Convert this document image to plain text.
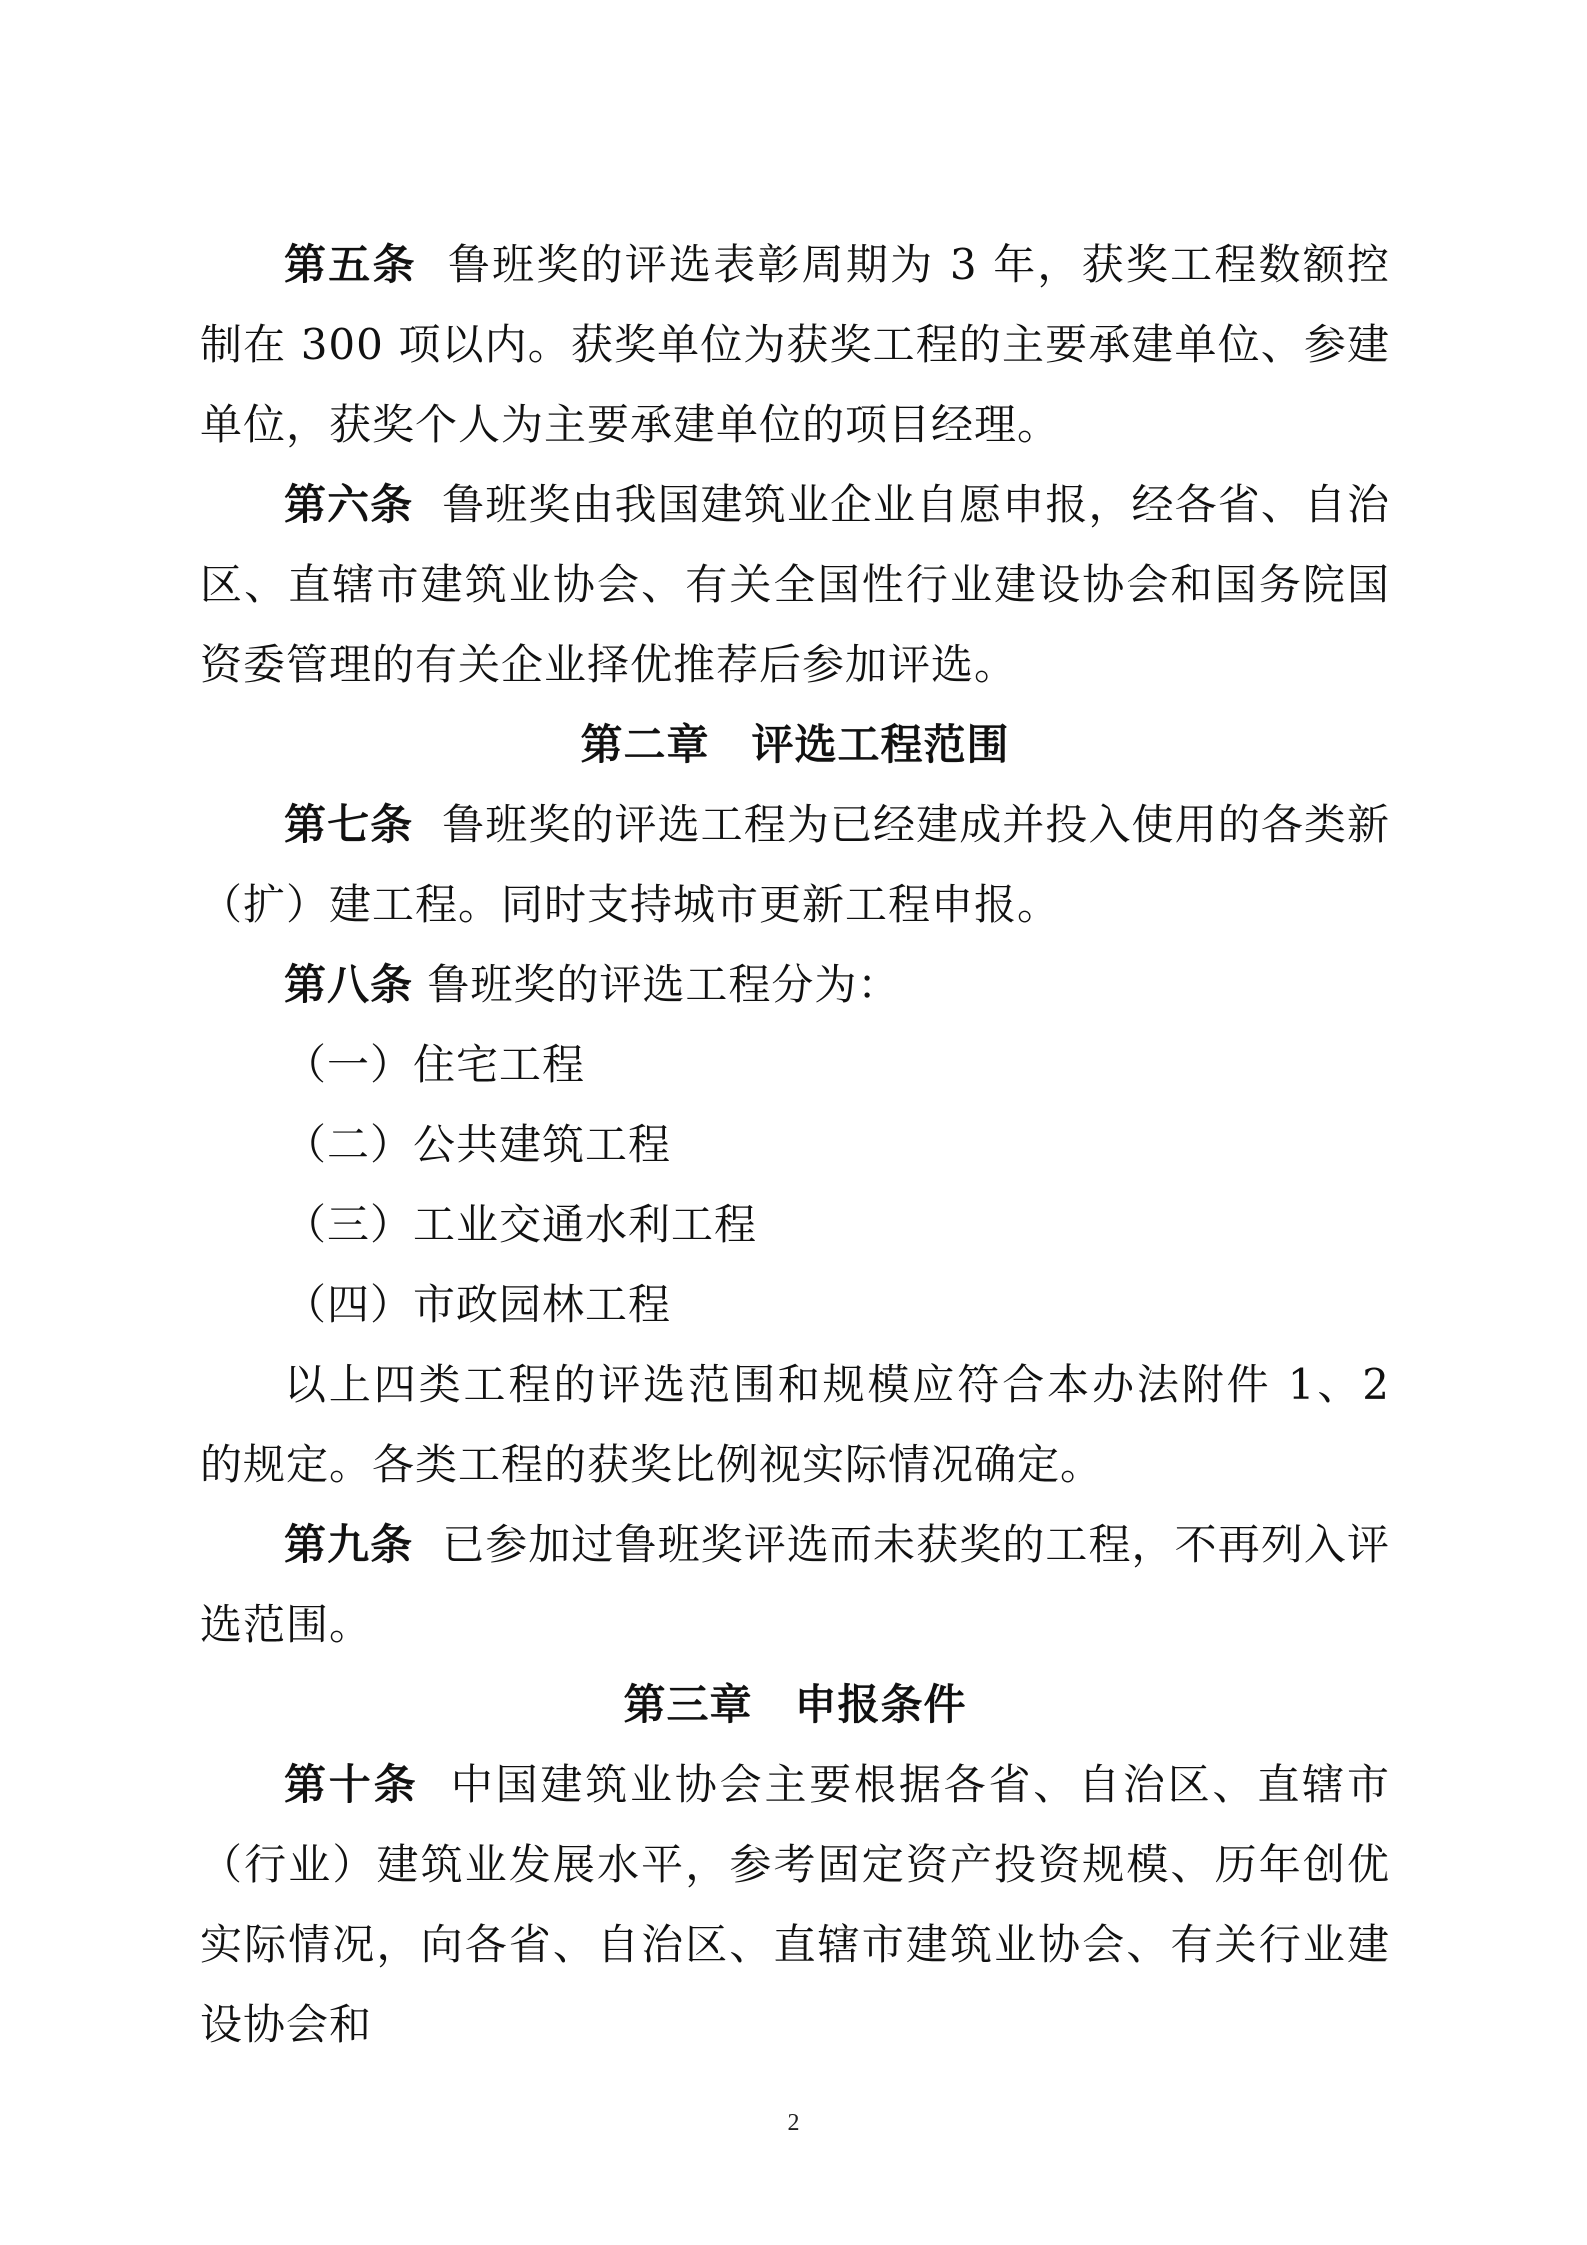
第五条 鲁班奖的评选表彰周期为 3 年，获奖工程数额控制在 300 项以内。获奖单位为获奖工程的主要承建单位、参建单位，获奖个人为主要承建单位的项目经理。

第六条 鲁班奖由我国建筑业企业自愿申报，经各省、自治区、直辖市建筑业协会、有关全国性行业建设协会和国务院国资委管理的有关企业择优推荐后参加评选。

第二章 评选工程范围

第七条 鲁班奖的评选工程为已经建成并投入使用的各类新（扩）建工程。同时支持城市更新工程申报。

第八条 鲁班奖的评选工程分为：

（一）住宅工程

（二）公共建筑工程

（三）工业交通水利工程

（四）市政园林工程

以上四类工程的评选范围和规模应符合本办法附件 1、2 的规定。各类工程的获奖比例视实际情况确定。

第九条 已参加过鲁班奖评选而未获奖的工程，不再列入评选范围。

第三章 申报条件

第十条 中国建筑业协会主要根据各省、自治区、直辖市（行业）建筑业发展水平，参考固定资产投资规模、历年创优实际情况，向各省、自治区、直辖市建筑业协会、有关行业建设协会和

2
